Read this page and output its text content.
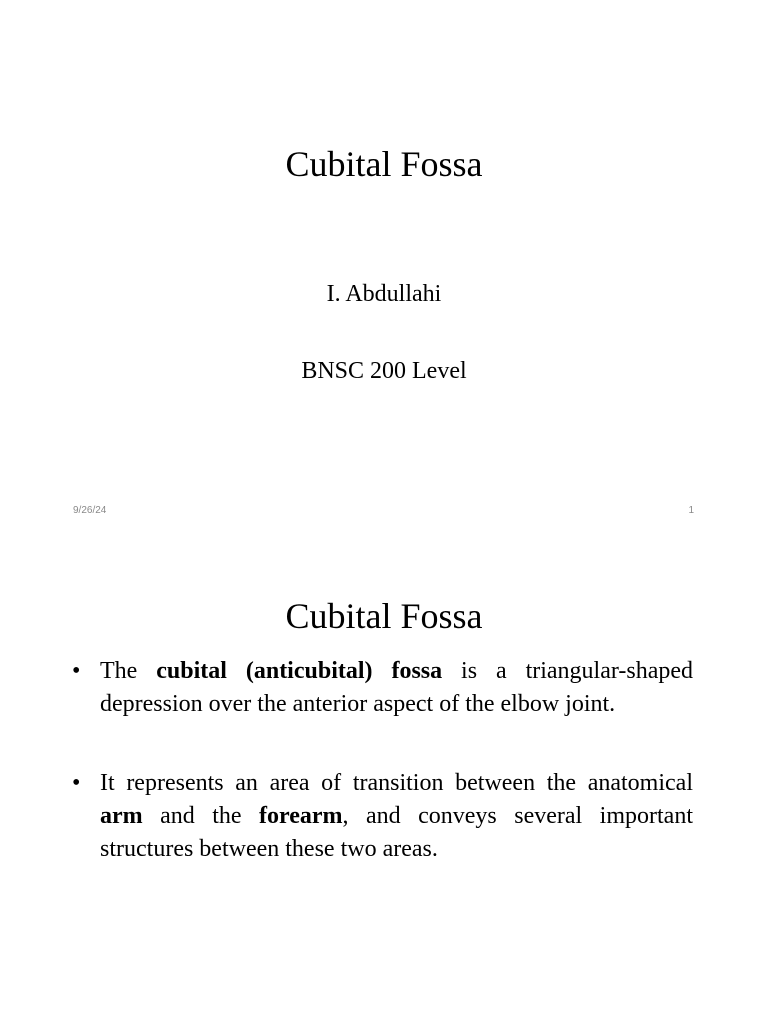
Cubital Fossa
I. Abdullahi
BNSC 200 Level
9/26/24	1
Cubital Fossa
• The cubital (anticubital) fossa is a triangular-shaped depression over the anterior aspect of the elbow joint.
• It represents an area of transition between the anatomical arm and the forearm, and conveys several important structures between these two areas.
